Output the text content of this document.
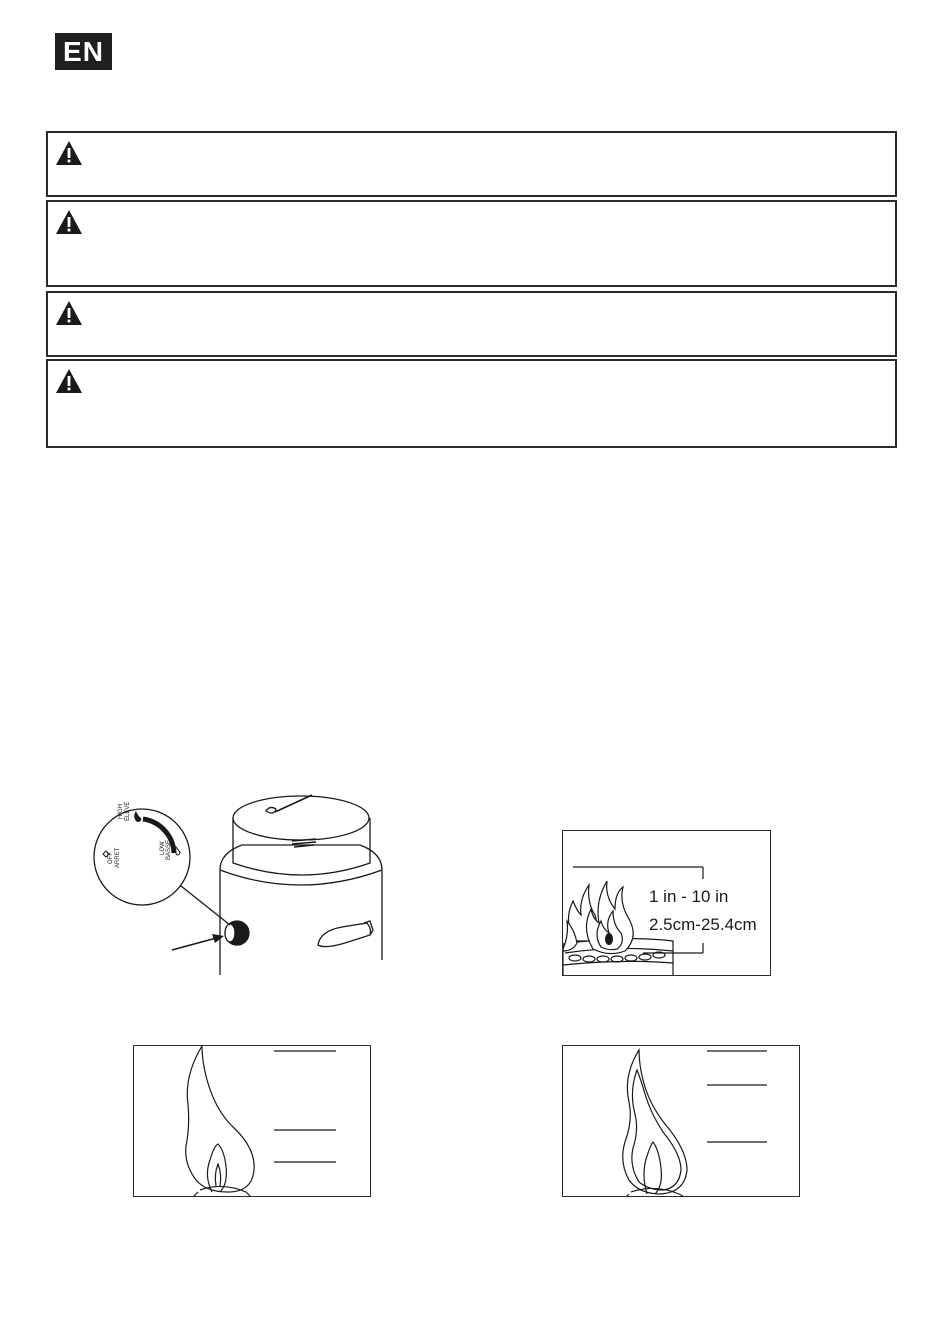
EN
HIGH ÉLEVÉ
LOW BASSE
OFF ARRET
1 in - 10 in
2.5cm-25.4cm
